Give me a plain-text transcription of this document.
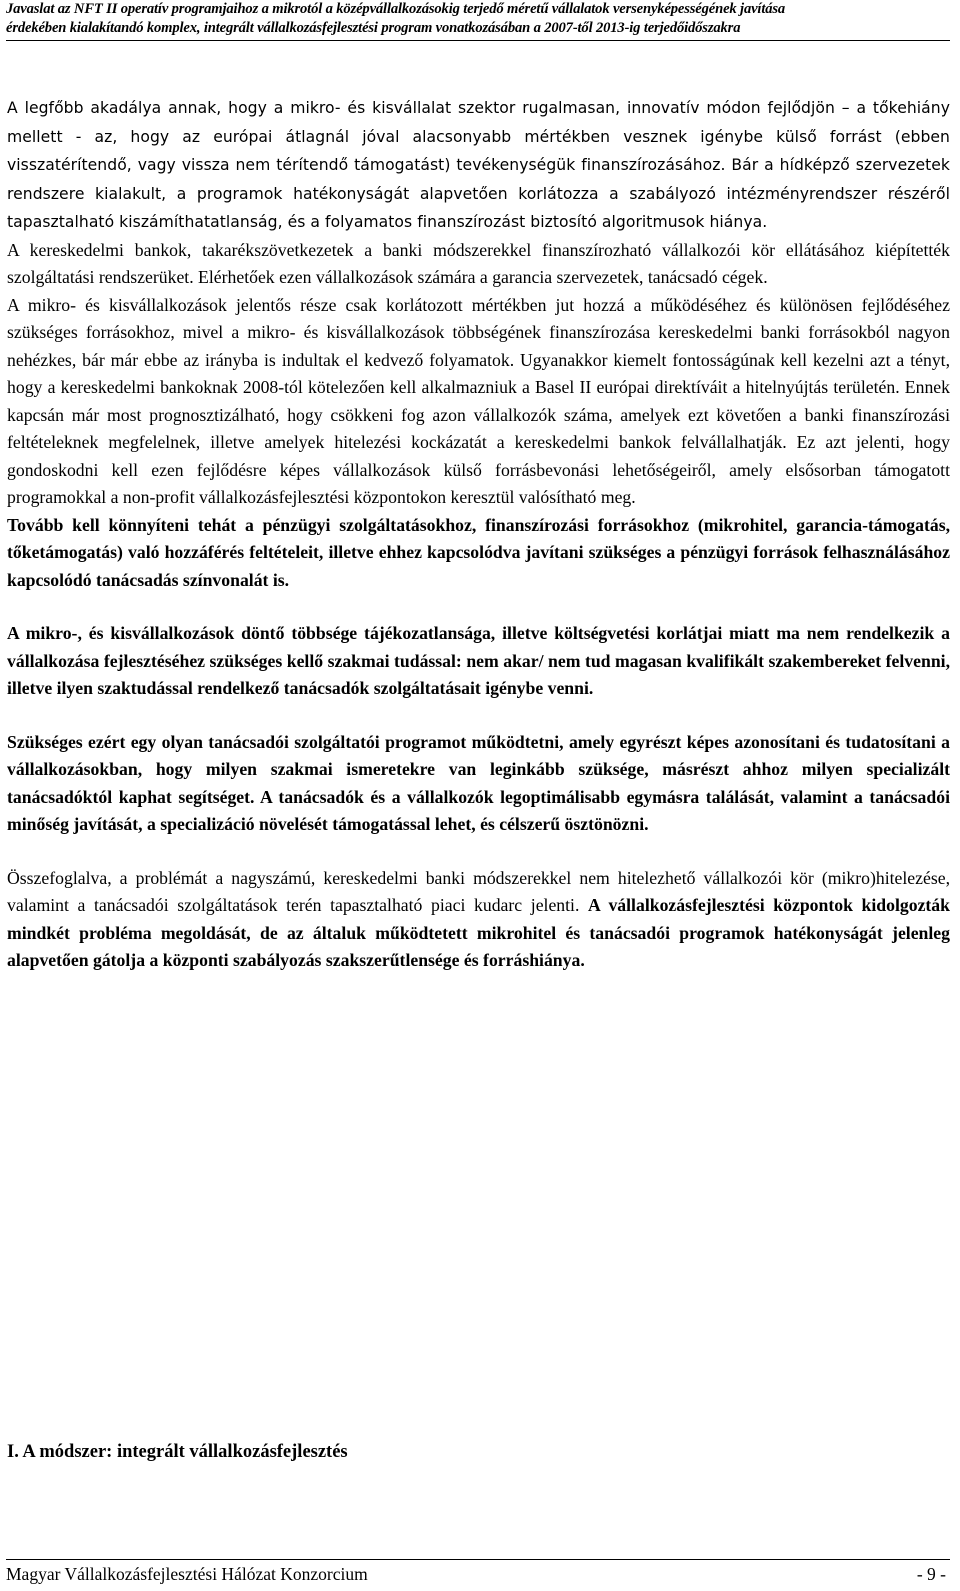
Javaslat az NFT II operatív programjaihoz a mikrotól a középvállalkozásokig terjedő méretű vállalatok versenyképességének javítása
érdekében kialakítandó komplex, integrált vállalkozásfejlesztési program vonatkozásában a 2007-től 2013-ig terjedőidőszakra

A legfőbb akadálya annak, hogy a mikro- és kisvállalat szektor rugalmasan, innovatív módon fejlődjön – a tőkehiány mellett - az, hogy az európai átlagnál jóval alacsonyabb mértékben vesznek igénybe külső forrást (ebben visszatérítendő, vagy vissza nem térítendő támogatást) tevékenységük finanszírozásához. Bár a hídképző szervezetek rendszere kialakult, a programok hatékonyságát alapvetően korlátozza a szabályozó intézményrendszer részéről tapasztalható kiszámíthatatlanság, és a folyamatos finanszírozást biztosító algoritmusok hiánya.

A kereskedelmi bankok, takarékszövetkezetek a banki módszerekkel finanszírozható vállalkozói kör ellátásához kiépítették szolgáltatási rendszerüket. Elérhetőek ezen vállalkozások számára a garancia szervezetek, tanácsadó cégek.

A mikro- és kisvállalkozások jelentős része csak korlátozott mértékben jut hozzá a működéséhez és különösen fejlődéséhez szükséges forrásokhoz, mivel a mikro- és kisvállalkozások többségének finanszírozása kereskedelmi banki forrásokból nagyon nehézkes, bár már ebbe az irányba is indultak el kedvező folyamatok. Ugyanakkor kiemelt fontosságúnak kell kezelni azt a tényt, hogy a kereskedelmi bankoknak 2008-tól kötelezően kell alkalmazniuk a Basel II európai direktíváit a hitelnyújtás területén. Ennek kapcsán már most prognosztizálható, hogy csökkeni fog azon vállalkozók száma, amelyek ezt követően a banki finanszírozási feltételeknek megfelelnek, illetve amelyek hitelezési kockázatát a kereskedelmi bankok felvállalhatják. Ez azt jelenti, hogy gondoskodni kell ezen fejlődésre képes vállalkozások külső forrásbevonási lehetőségeiről, amely elsősorban támogatott programokkal a non-profit vállalkozásfejlesztési központokon keresztül valósítható meg.

Tovább kell könnyíteni tehát a pénzügyi szolgáltatásokhoz, finanszírozási forrásokhoz (mikrohitel, garancia-támogatás, tőketámogatás) való hozzáférés feltételeit, illetve ehhez kapcsolódva javítani szükséges a pénzügyi források felhasználásához kapcsolódó tanácsadás színvonalát is.

A mikro-, és kisvállalkozások döntő többsége tájékozatlansága, illetve költségvetési korlátjai miatt ma nem rendelkezik a vállalkozása fejlesztéséhez szükséges kellő szakmai tudással: nem akar/ nem tud magasan kvalifikált szakembereket felvenni, illetve ilyen szaktudással rendelkező tanácsadók szolgáltatásait igénybe venni.

Szükséges ezért egy olyan tanácsadói szolgáltatói programot működtetni, amely egyrészt képes azonosítani és tudatosítani a vállalkozásokban, hogy milyen szakmai ismeretekre van leginkább szüksége, másrészt ahhoz milyen specializált tanácsadóktól kaphat segítséget. A tanácsadók és a vállalkozók legoptimálisabb egymásra találását, valamint a tanácsadói minőség javítását, a specializáció növelését támogatással lehet, és célszerű ösztönözni.

Összefoglalva, a problémát a nagyszámú, kereskedelmi banki módszerekkel nem hitelezhető vállalkozói kör (mikro)hitelezése, valamint a tanácsadói szolgáltatások terén tapasztalható piaci kudarc jelenti. A vállalkozásfejlesztési központok kidolgozták mindkét probléma megoldását, de az általuk működtetett mikrohitel és tanácsadói programok hatékonyságát jelenleg alapvetően gátolja a központi szabályozás szakszerűtlensége és forráshiánya.

I. A módszer: integrált vállalkozásfejlesztés
Magyar Vállalkozásfejlesztési Hálózat Konzorcium	- 9 -
